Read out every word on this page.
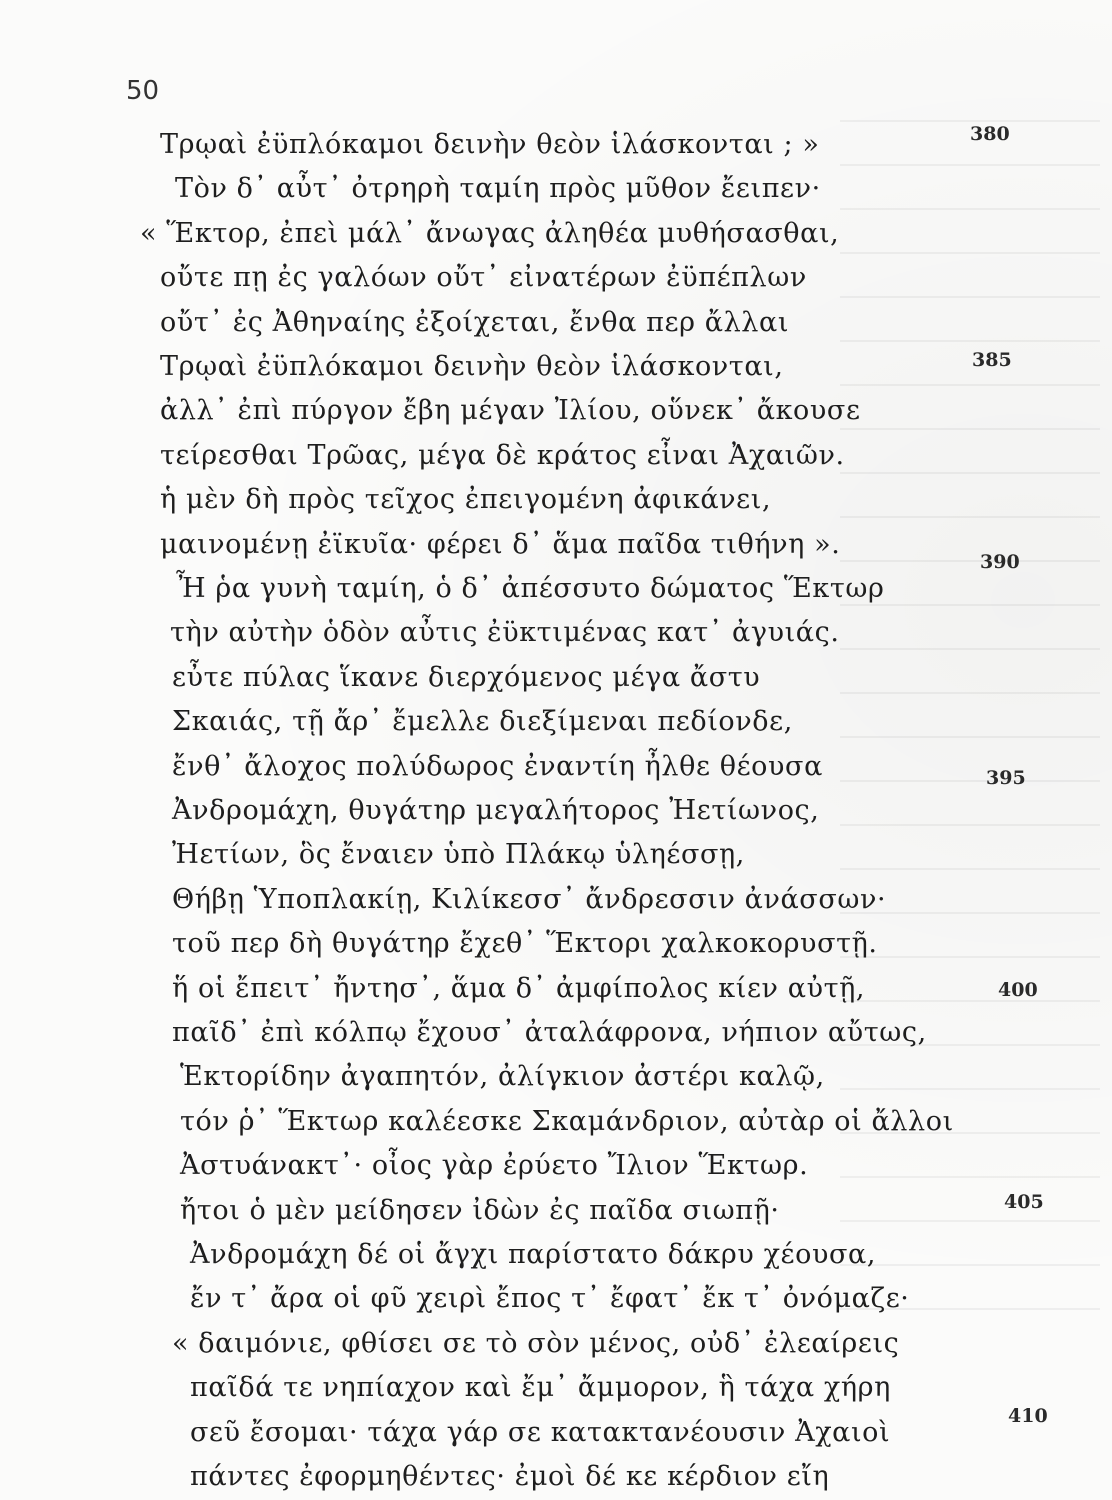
50
Τρῳαὶ ἐϋπλόκαμοι δεινὴν θεὸν ἱλάσκονται ; »	380
Τὸν δ᾽ αὖτ᾽ ὀτρηρὴ ταμίη πρὸς μῦθον ἔειπεν·
« Ἕκτορ, ἐπεὶ μάλ᾽ ἄνωγας ἀληθέα μυθήσασθαι,
οὔτε πῃ ἐς γαλόων οὔτ᾽ εἰνατέρων ἐϋπέπλων
οὔτ᾽ ἐς Ἀθηναίης ἐξοίχεται, ἔνθα περ ἄλλαι
Τρῳαὶ ἐϋπλόκαμοι δεινὴν θεὸν ἱλάσκονται,	385
ἀλλ᾽ ἐπὶ πύργον ἔβη μέγαν Ἰλίου, οὕνεκ᾽ ἄκουσε
τείρεσθαι Τρῶας, μέγα δὲ κράτος εἶναι Ἀχαιῶν.
ἡ μὲν δὴ πρὸς τεῖχος ἐπειγομένη ἀφικάνει,
μαινομένῃ ἐϊκυῖα· φέρει δ᾽ ἅμα παῖδα τιθήνη ».
Ἦ ῥα γυνὴ ταμίη, ὁ δ᾽ ἀπέσσυτο δώματος Ἕκτωρ
390
τὴν αὐτὴν ὁδὸν αὖτις ἐϋκτιμένας κατ᾽ ἀγυιάς.
εὖτε πύλας ἵκανε διερχόμενος μέγα ἄστυ
Σκαιάς, τῇ ἄρ᾽ ἔμελλε διεξίμεναι πεδίονδε,
ἔνθ᾽ ἄλοχος πολύδωρος ἐναντίη ἦλθε θέουσα
Ἀνδρομάχη, θυγάτηρ μεγαλήτορος Ἠετίωνος,
395
Ἠετίων, ὃς ἔναιεν ὑπὸ Πλάκῳ ὑληέσσῃ,
Θήβῃ Ὑποπλακίῃ, Κιλίκεσσ᾽ ἄνδρεσσιν ἀνάσσων·
τοῦ περ δὴ θυγάτηρ ἔχεθ᾽ Ἕκτορι χαλκοκορυστῇ.
ἥ οἱ ἔπειτ᾽ ἤντησ᾽, ἅμα δ᾽ ἀμφίπολος κίεν αὐτῇ,
παῖδ᾽ ἐπὶ κόλπῳ ἔχουσ᾽ ἀταλάφρονα, νήπιον αὔτως,
400
Ἑκτορίδην ἀγαπητόν, ἀλίγκιον ἀστέρι καλῷ,
τόν ῥ᾽ Ἕκτωρ καλέεσκε Σκαμάνδριον, αὐτὰρ οἱ ἄλλοι
Ἀστυάνακτ᾽· οἶος γὰρ ἐρύετο Ἴλιον Ἕκτωρ.
ἤτοι ὁ μὲν μείδησεν ἰδὼν ἐς παῖδα σιωπῇ·
Ἀνδρομάχη δέ οἱ ἄγχι παρίστατο δάκρυ χέουσα,
405
ἔν τ᾽ ἄρα οἱ φῦ χειρὶ ἔπος τ᾽ ἔφατ᾽ ἔκ τ᾽ ὀνόμαζε·
« δαιμόνιε, φθίσει σε τὸ σὸν μένος, οὐδ᾽ ἐλεαίρεις
παῖδά τε νηπίαχον καὶ ἔμ᾽ ἄμμορον, ἣ τάχα χήρη
σεῦ ἔσομαι· τάχα γάρ σε κατακτανέουσιν Ἀχαιοὶ
πάντες ἐφορμηθέντες· ἐμοὶ δέ κε κέρδιον εἴη
410
